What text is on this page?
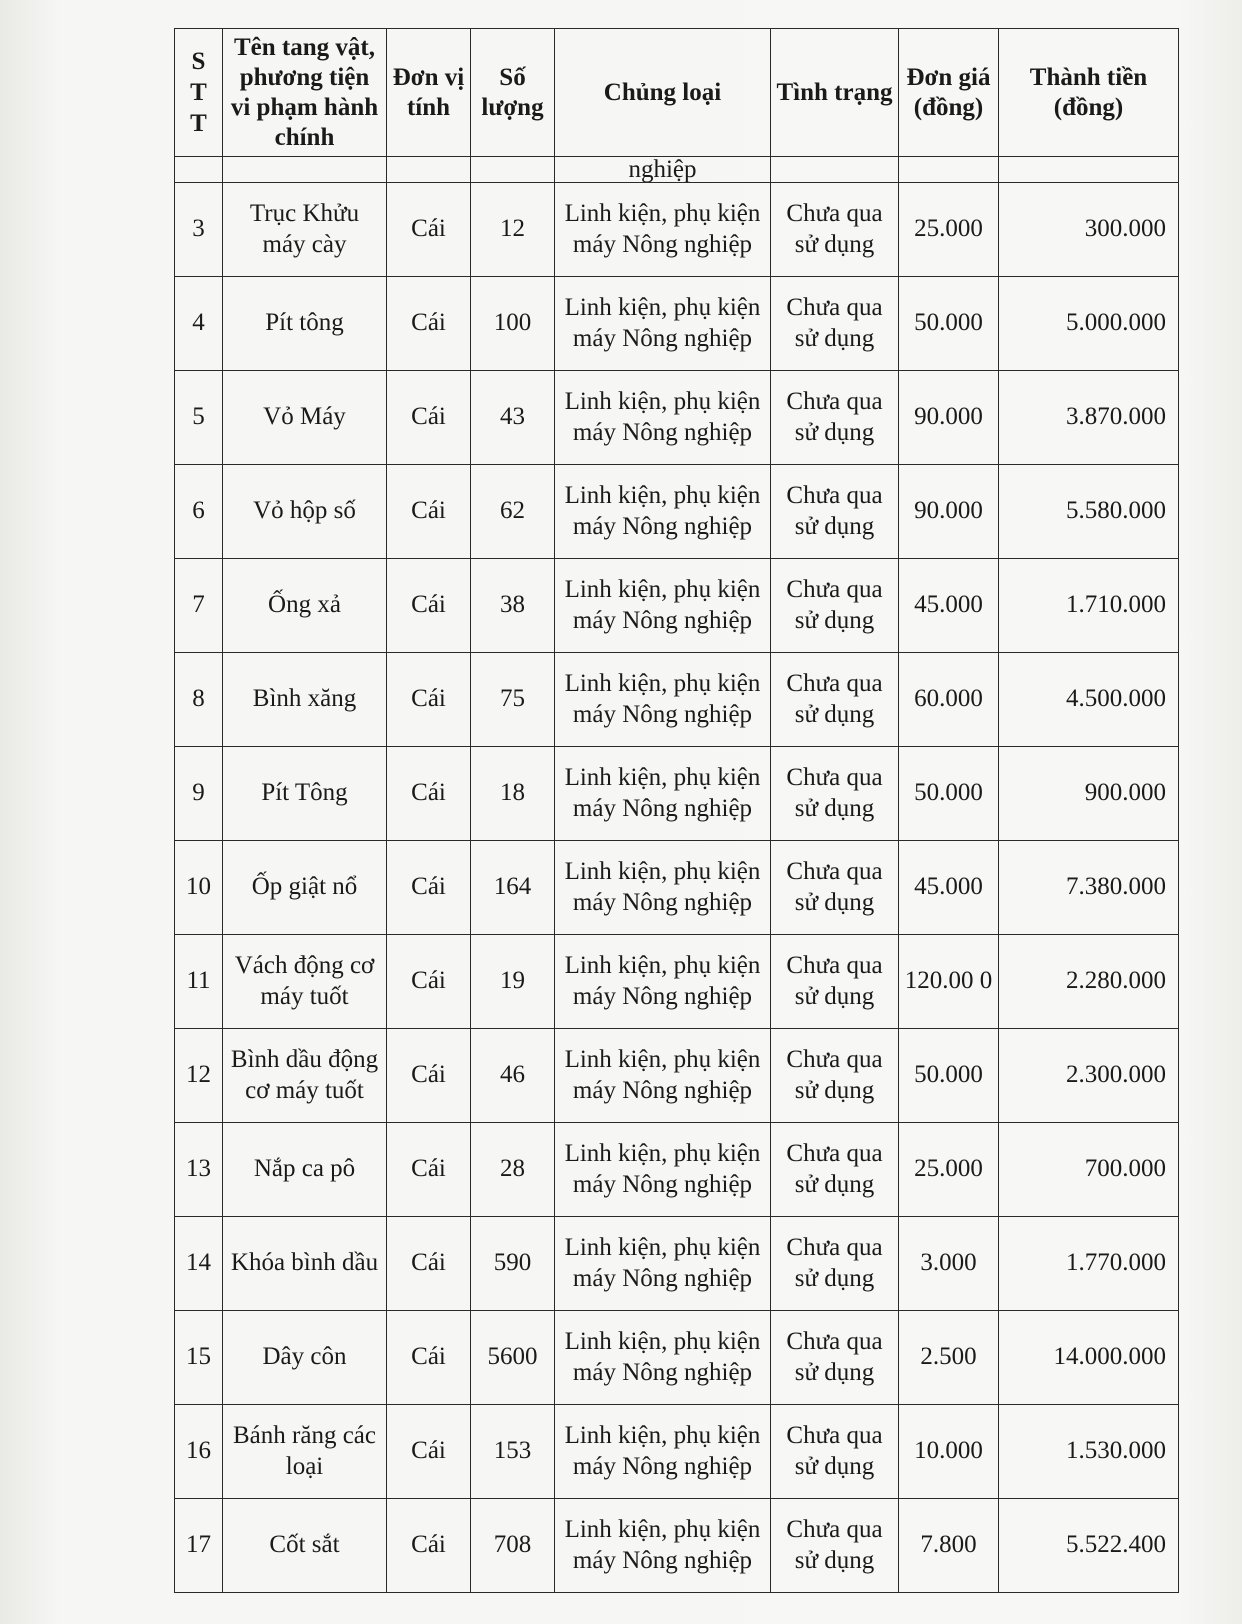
S
T
T	Tên tang vật, phương tiện vi phạm hành chính	Đơn vị tính	Số lượng	Chủng loại	Tình trạng	Đơn giá (đồng)	Thành tiền (đồng)
				nghiệp			
3	Trục Khửu máy cày	Cái	12	Linh kiện, phụ kiện máy Nông nghiệp	Chưa qua sử dụng	25.000	300.000
4	Pít tông	Cái	100	Linh kiện, phụ kiện máy Nông nghiệp	Chưa qua sử dụng	50.000	5.000.000
5	Vỏ Máy	Cái	43	Linh kiện, phụ kiện máy Nông nghiệp	Chưa qua sử dụng	90.000	3.870.000
6	Vỏ hộp số	Cái	62	Linh kiện, phụ kiện máy Nông nghiệp	Chưa qua sử dụng	90.000	5.580.000
7	Ống xả	Cái	38	Linh kiện, phụ kiện máy Nông nghiệp	Chưa qua sử dụng	45.000	1.710.000
8	Bình xăng	Cái	75	Linh kiện, phụ kiện máy Nông nghiệp	Chưa qua sử dụng	60.000	4.500.000
9	Pít Tông	Cái	18	Linh kiện, phụ kiện máy Nông nghiệp	Chưa qua sử dụng	50.000	900.000
10	Ốp giật nổ	Cái	164	Linh kiện, phụ kiện máy Nông nghiệp	Chưa qua sử dụng	45.000	7.380.000
11	Vách động cơ máy tuốt	Cái	19	Linh kiện, phụ kiện máy Nông nghiệp	Chưa qua sử dụng	120.00 0	2.280.000
12	Bình dầu động cơ máy tuốt	Cái	46	Linh kiện, phụ kiện máy Nông nghiệp	Chưa qua sử dụng	50.000	2.300.000
13	Nắp ca pô	Cái	28	Linh kiện, phụ kiện máy Nông nghiệp	Chưa qua sử dụng	25.000	700.000
14	Khóa bình dầu	Cái	590	Linh kiện, phụ kiện máy Nông nghiệp	Chưa qua sử dụng	3.000	1.770.000
15	Dây côn	Cái	5600	Linh kiện, phụ kiện máy Nông nghiệp	Chưa qua sử dụng	2.500	14.000.000
16	Bánh răng các loại	Cái	153	Linh kiện, phụ kiện máy Nông nghiệp	Chưa qua sử dụng	10.000	1.530.000
17	Cốt sắt	Cái	708	Linh kiện, phụ kiện máy Nông nghiệp	Chưa qua sử dụng	7.800	5.522.400
